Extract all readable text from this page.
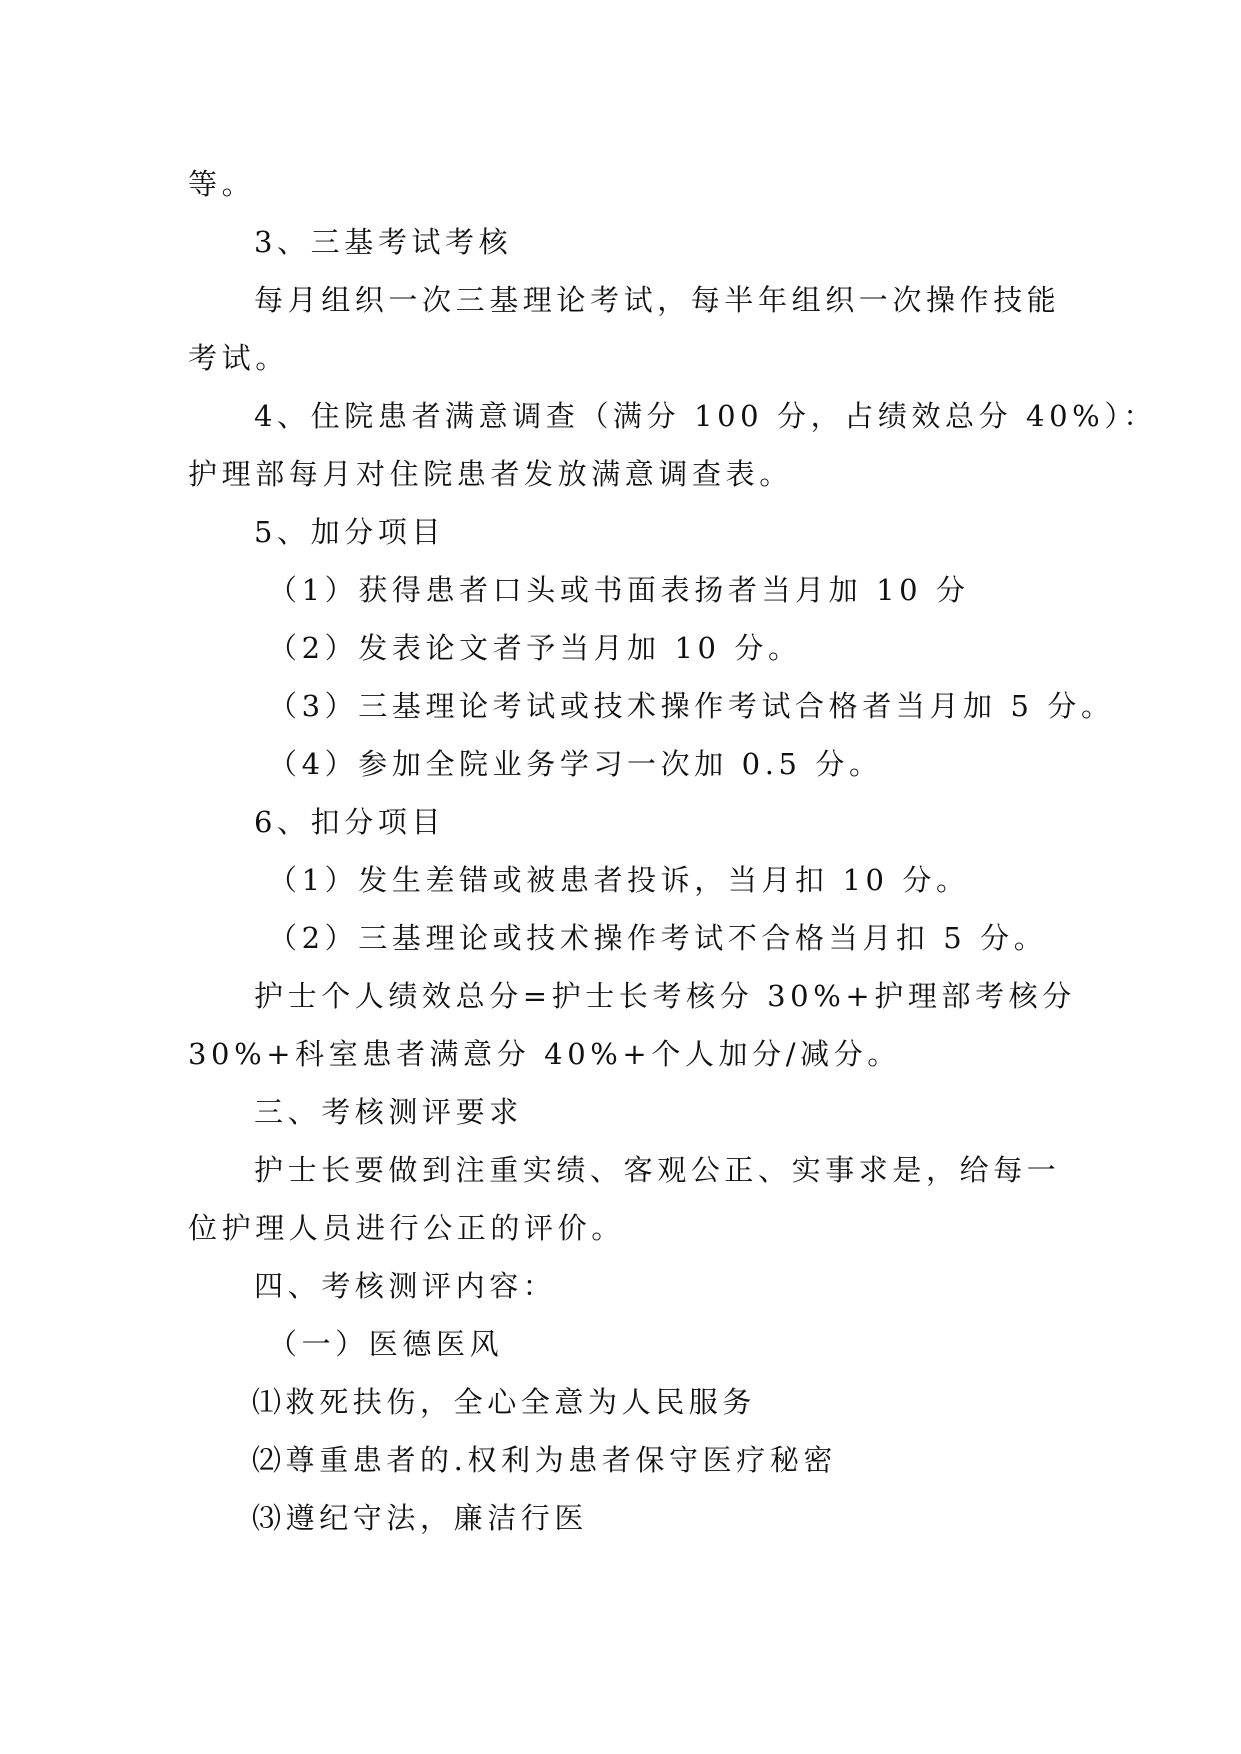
等。
3、三基考试考核
每月组织一次三基理论考试，每半年组织一次操作技能
考试。
4、住院患者满意调查（满分 100 分，占绩效总分 40%）：
护理部每月对住院患者发放满意调查表。
5、加分项目
（1）获得患者口头或书面表扬者当月加 10 分
（2）发表论文者予当月加 10 分。
（3）三基理论考试或技术操作考试合格者当月加 5 分。
（4）参加全院业务学习一次加 0.5 分。
6、扣分项目
（1）发生差错或被患者投诉，当月扣 10 分。
（2）三基理论或技术操作考试不合格当月扣 5 分。
护士个人绩效总分=护士长考核分 30%+护理部考核分
30%+科室患者满意分 40%+个人加分/减分。
三、考核测评要求
护士长要做到注重实绩、客观公正、实事求是，给每一
位护理人员进行公正的评价。
四、考核测评内容：
（一）医德医风
⑴救死扶伤，全心全意为人民服务
⑵尊重患者的.权利为患者保守医疗秘密
⑶遵纪守法，廉洁行医
